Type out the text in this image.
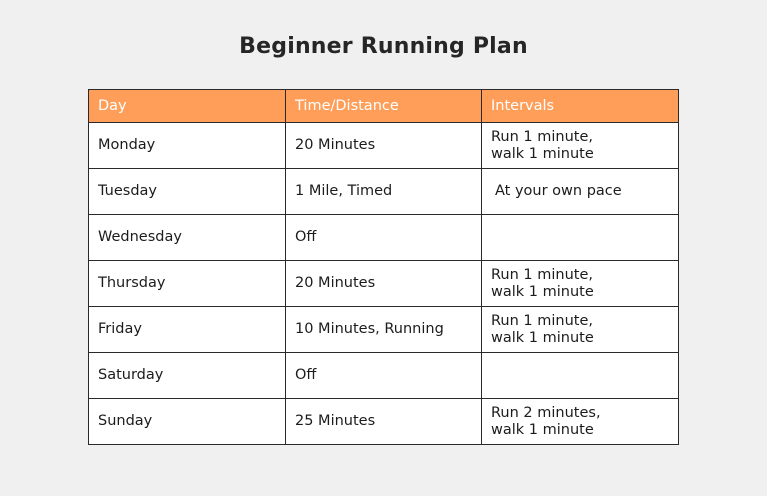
Beginner Running Plan
Day	Time/Distance	Intervals
Monday	20 Minutes	Run 1 minute,
walk 1 minute

Tuesday	1 Mile, Timed	At your own pace

Wednesday	Off	
Thursday	20 Minutes	Run 1 minute,
walk 1 minute

Friday	10 Minutes, Running	Run 1 minute,
walk 1 minute

Saturday	Off	
Sunday	25 Minutes	Run 2 minutes,
walk 1 minute
